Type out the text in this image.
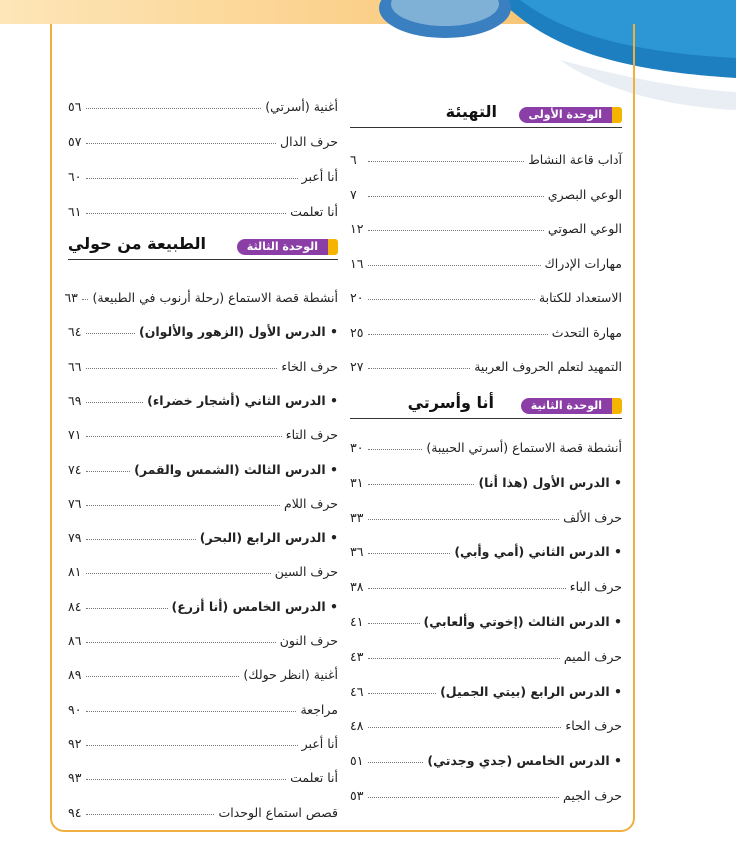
الوحدة الأولى
التهيئة
آداب قاعة النشاط
٦
الوعي البصري
٧
الوعي الصوتي
١٢
مهارات الإدراك
١٦
الاستعداد للكتابة
٢٠
مهارة التحدث
٢٥
التمهيد لتعلم الحروف العربية
٢٧
الوحدة الثانية
أنا وأسرتي
أنشطة قصة الاستماع (أسرتي الحبيبة)
٣٠
• الدرس الأول (هذا أنا)
٣١
حرف الألف
٣٣
• الدرس الثاني (أمي وأبي)
٣٦
حرف الباء
٣٨
• الدرس الثالث (إخوتي وألعابي)
٤١
حرف الميم
٤٣
• الدرس الرابع (بيتي الجميل)
٤٦
حرف الحاء
٤٨
• الدرس الخامس (جدي وجدتي)
٥١
حرف الجيم
٥٣
أغنية (أسرتي)
٥٦
حرف الدال
٥٧
أنا أعبر
٦٠
أنا تعلمت
٦١
الوحدة الثالثة
الطبيعة من حولي
أنشطة قصة الاستماع (رحلة أرنوب في الطبيعة)
٦٣
• الدرس الأول (الزهور والألوان)
٦٤
حرف الخاء
٦٦
• الدرس الثاني (أشجار خضراء)
٦٩
حرف التاء
٧١
• الدرس الثالث (الشمس والقمر)
٧٤
حرف اللام
٧٦
• الدرس الرابع (البحر)
٧٩
حرف السين
٨١
• الدرس الخامس (أنا أزرع)
٨٤
حرف النون
٨٦
أغنية (انظر حولك)
٨٩
مراجعة
٩٠
أنا أعبر
٩٢
أنا تعلمت
٩٣
قصص استماع الوحدات
٩٤
